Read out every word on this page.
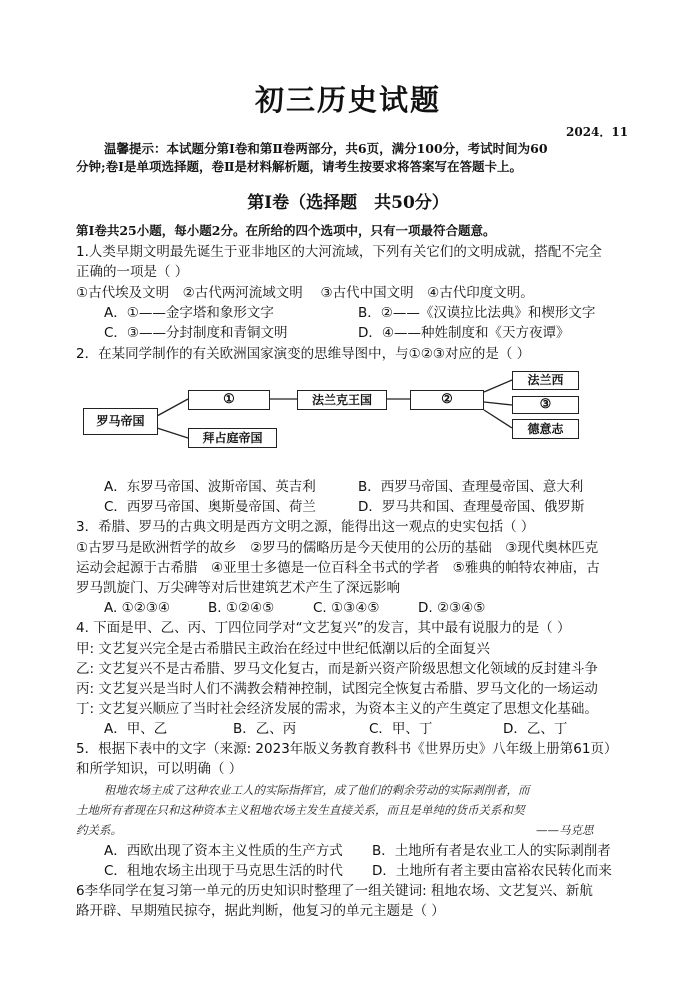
初三历史试题
2024．11
温馨提示：本试题分第Ⅰ卷和第Ⅱ卷两部分，共6页，满分100分，考试时间为60
分钟;卷Ⅰ是单项选择题，卷Ⅱ是材料解析题，请考生按要求将答案写在答题卡上。
第Ⅰ卷（选择题　共50分）
第Ⅰ卷共25小题，每小题2分。在所给的四个选项中，只有一项最符合题意。
1.人类早期文明最先诞生于亚非地区的大河流域，下列有关它们的文明成就，搭配不完全
正确的一项是（ ）
①古代埃及文明　②古代两河流域文明　 ③古代中国文明　④古代印度文明。
A．①——金字塔和象形文字	B．②——《汉谟拉比法典》和楔形文字
C．③——分封制度和青铜文明	D．④——种姓制度和《天方夜谭》
2．在某同学制作的有关欧洲国家演变的思维导图中，与①②③对应的是（ ）
罗马帝国
①
拜占庭帝国
法兰克王国	②
法兰西
③
德意志
A．东罗马帝国、波斯帝国、英吉利	B．西罗马帝国、查理曼帝国、意大利
C．西罗马帝国、奥斯曼帝国、荷兰	D．罗马共和国、查理曼帝国、俄罗斯
3．希腊、罗马的古典文明是西方文明之源，能得出这一观点的史实包括（ ）
①古罗马是欧洲哲学的故乡　②罗马的儒略历是今天使用的公历的基础　③现代奥林匹克
运动会起源于古希腊　④亚里士多德是一位百科全书式的学者　⑤雅典的帕特农神庙，古
罗马凯旋门、万尖碑等对后世建筑艺术产生了深远影响
A. ①②③④	B. ①②④⑤	C. ①③④⑤	D. ②③④⑤
4. 下面是甲、乙、丙、丁四位同学对“文艺复兴”的发言，其中最有说服力的是（ ）
甲: 文艺复兴完全是古希腊民主政治在经过中世纪低潮以后的全面复兴
乙: 文艺复兴不是古希腊、罗马文化复古，而是新兴资产阶级思想文化领域的反封建斗争
丙: 文艺复兴是当时人们不满教会精神控制，试图完全恢复古希腊、罗马文化的一场运动
丁: 文艺复兴顺应了当时社会经济发展的需求，为资本主义的产生奠定了思想文化基础。
A．甲、乙	B．乙、丙	C．甲、丁	D．乙、丁
5．根据下表中的文字（来源: 2023年版义务教育教科书《世界历史》八年级上册第61页）
和所学知识，可以明确（ ）
租地农场主成了这种农业工人的实际指挥官，成了他们的剩余劳动的实际剥削者，而
土地所有者现在只和这种资本主义租地农场主发生直接关系，而且是单纯的货币关系和契
约关系。	——马克思
A．西欧出现了资本主义性质的生产方式 B．土地所有者是农业工人的实际剥削者
C．租地农场主出现于马克思生活的时代 D．土地所有者主要由富裕农民转化而来
6李华同学在复习第一单元的历史知识时整理了一组关键词: 租地农场、文艺复兴、新航
路开辟、早期殖民掠夺，据此判断，他复习的单元主题是（ ）
